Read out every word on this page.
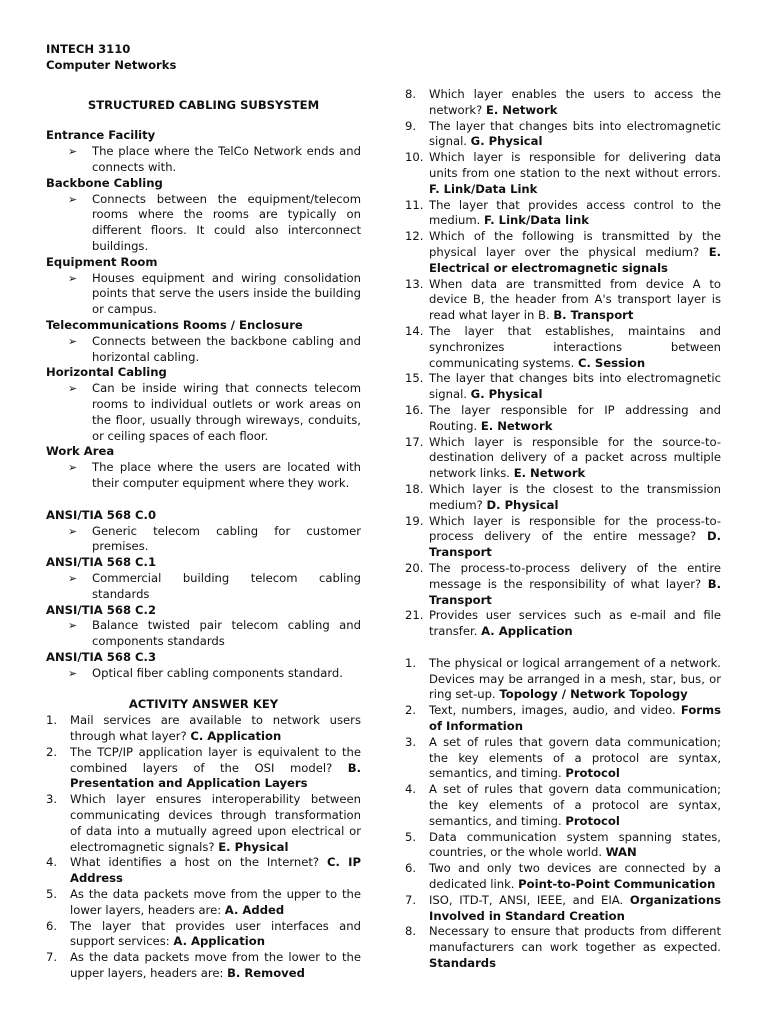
INTECH 3110
Computer Networks
STRUCTURED CABLING SUBSYSTEM
Entrance Facility
➢	The place where the TelCo Network ends and connects with.
Backbone Cabling
➢	Connects between the equipment/telecom rooms where the rooms are typically on different floors. It could also interconnect buildings.
Equipment Room
➢	Houses equipment and wiring consolidation points that serve the users inside the building or campus.
Telecommunications Rooms / Enclosure
➢	Connects between the backbone cabling and horizontal cabling.
Horizontal Cabling
➢	Can be inside wiring that connects telecom rooms to individual outlets or work areas on the floor, usually through wireways, conduits, or ceiling spaces of each floor.
Work Area
➢	The place where the users are located with their computer equipment where they work.
ANSI/TIA 568 C.0
➢	Generic telecom cabling for customer premises.
ANSI/TIA 568 C.1
➢	Commercial building telecom cabling standards
ANSI/TIA 568 C.2
➢	Balance twisted pair telecom cabling and components standards
ANSI/TIA 568 C.3
➢	Optical fiber cabling components standard.
ACTIVITY ANSWER KEY
1.	Mail services are available to network users through what layer? C. Application
2.	The TCP/IP application layer is equivalent to the combined layers of the OSI model? B. Presentation and Application Layers
3.	Which layer ensures interoperability between communicating devices through transformation of data into a mutually agreed upon electrical or electromagnetic signals? E. Physical
4.	What identifies a host on the Internet? C. IP Address
5.	As the data packets move from the upper to the lower layers, headers are: A. Added
6.	The layer that provides user interfaces and support services: A. Application
7.	As the data packets move from the lower to the upper layers, headers are: B. Removed
8.	Which layer enables the users to access the network? E. Network
9.	The layer that changes bits into electromagnetic signal. G. Physical
10. Which layer is responsible for delivering data units from one station to the next without errors. F. Link/Data Link
11. The layer that provides access control to the medium. F. Link/Data link
12. Which of the following is transmitted by the physical layer over the physical medium? E. Electrical or electromagnetic signals
13. When data are transmitted from device A to device B, the header from A's transport layer is read what layer in B. B. Transport
14. The layer that establishes, maintains and synchronizes interactions between communicating systems. C. Session
15. The layer that changes bits into electromagnetic signal. G. Physical
16. The layer responsible for IP addressing and Routing. E. Network
17. Which layer is responsible for the source-to-destination delivery of a packet across multiple network links. E. Network
18. Which layer is the closest to the transmission medium? D. Physical
19. Which layer is responsible for the process-to-process delivery of the entire message? D. Transport
20. The process-to-process delivery of the entire message is the responsibility of what layer? B. Transport
21. Provides user services such as e-mail and file transfer. A. Application
1.	The physical or logical arrangement of a network. Devices may be arranged in a mesh, star, bus, or ring set-up. Topology / Network Topology
2.	Text, numbers, images, audio, and video. Forms of Information
3.	A set of rules that govern data communication; the key elements of a protocol are syntax, semantics, and timing. Protocol
4.	A set of rules that govern data communication; the key elements of a protocol are syntax, semantics, and timing. Protocol
5.	Data communication system spanning states, countries, or the whole world. WAN
6.	Two and only two devices are connected by a dedicated link. Point-to-Point Communication
7.	ISO, ITD-T, ANSI, IEEE, and EIA. Organizations Involved in Standard Creation
8.	Necessary to ensure that products from different manufacturers can work together as expected. Standards
